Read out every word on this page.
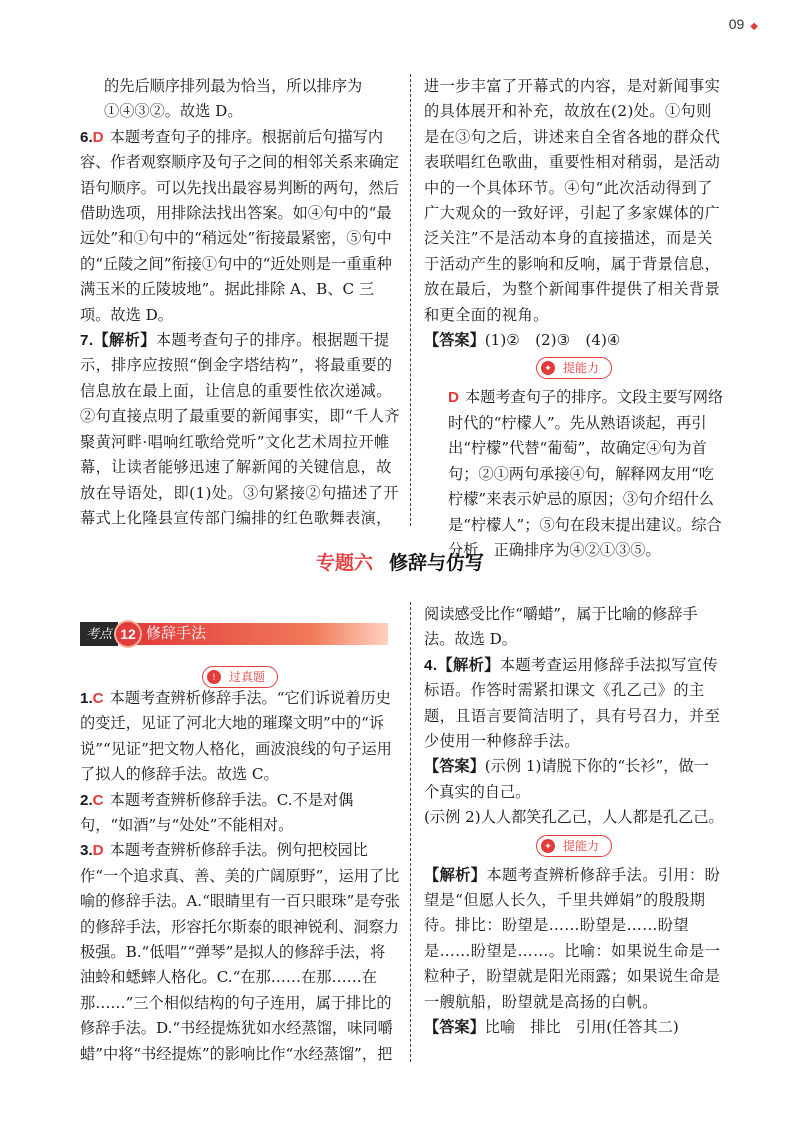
09 ◆

的先后顺序排列最为恰当，所以排序为①④③②。故选 D。

6.D 本题考查句子的排序。根据前后句描写内容、作者观察顺序及句子之间的相邻关系来确定语句顺序。可以先找出最容易判断的两句，然后借助选项，用排除法找出答案。如④句中的“最远处”和①句中的“稍远处”衔接最紧密，⑤句中的“丘陵之间”衔接①句中的“近处则是一重重种满玉米的丘陵坡地”。据此排除 A、B、C 三项。故选 D。

7.【解析】本题考查句子的排序。根据题干提示，排序应按照“倒金字塔结构”，将最重要的信息放在最上面，让信息的重要性依次递减。②句直接点明了最重要的新闻事实，即“千人齐聚黄河畔·唱响红歌给党听”文化艺术周拉开帷幕，让读者能够迅速了解新闻的关键信息，故放在导语处，即(1)处。③句紧接②句描述了开幕式上化隆县宣传部门编排的红色歌舞表演，

进一步丰富了开幕式的内容，是对新闻事实的具体展开和补充，故放在(2)处。①句则是在③句之后，讲述来自全省各地的群众代表联唱红色歌曲，重要性相对稍弱，是活动中的一个具体环节。④句“此次活动得到了广大观众的一致好评，引起了多家媒体的广泛关注”不是活动本身的直接描述，而是关于活动产生的影响和反响，属于背景信息，放在最后，为整个新闻事件提供了相关背景和更全面的视角。

【答案】(1)②　(2)③　(4)④

✦ 提能力

D 本题考查句子的排序。文段主要写网络时代的“柠檬人”。先从熟语谈起，再引出“柠檬”代替“葡萄”，故确定④句为首句；②①两句承接④句，解释网友用“吃柠檬”来表示妒忌的原因；③句介绍什么是“柠檬人”；⑤句在段末提出建议。综合分析，正确排序为④②①③⑤。

专题六 修辞与仿写
考点 12 修辞手法
!	过真题

1.C 本题考查辨析修辞手法。“它们诉说着历史的变迁，见证了河北大地的璀璨文明”中的“诉说”“见证”把文物人格化，画波浪线的句子运用了拟人的修辞手法。故选 C。

2.C 本题考查辨析修辞手法。C.不是对偶句，“如酒”与“处处”不能相对。

3.D 本题考查辨析修辞手法。例句把校园比作“一个追求真、善、美的广阔原野”，运用了比喻的修辞手法。A.“眼睛里有一百只眼珠”是夸张的修辞手法，形容托尔斯泰的眼神锐利、洞察力极强。B.“低唱”“弹琴”是拟人的修辞手法，将油蛉和蟋蟀人格化。C.“在那……在那……在那……”三个相似结构的句子连用，属于排比的修辞手法。D.“书经提炼犹如水经蒸馏，味同嚼蜡”中将“书经提炼”的影响比作“水经蒸馏”，把

阅读感受比作“嚼蜡”，属于比喻的修辞手法。故选 D。

4.【解析】本题考查运用修辞手法拟写宣传标语。作答时需紧扣课文《孔乙己》的主题，且语言要简洁明了，具有号召力，并至少使用一种修辞手法。

【答案】(示例 1)请脱下你的“长衫”，做一个真实的自己。

(示例 2)人人都笑孔乙己，人人都是孔乙己。

✦ 提能力

【解析】本题考查辨析修辞手法。引用：盼望是“但愿人长久，千里共婵娟”的殷殷期待。排比：盼望是……盼望是……盼望是……盼望是……。比喻：如果说生命是一粒种子，盼望就是阳光雨露；如果说生命是一艘航船，盼望就是高扬的白帆。

【答案】比喻　排比　引用(任答其二)
